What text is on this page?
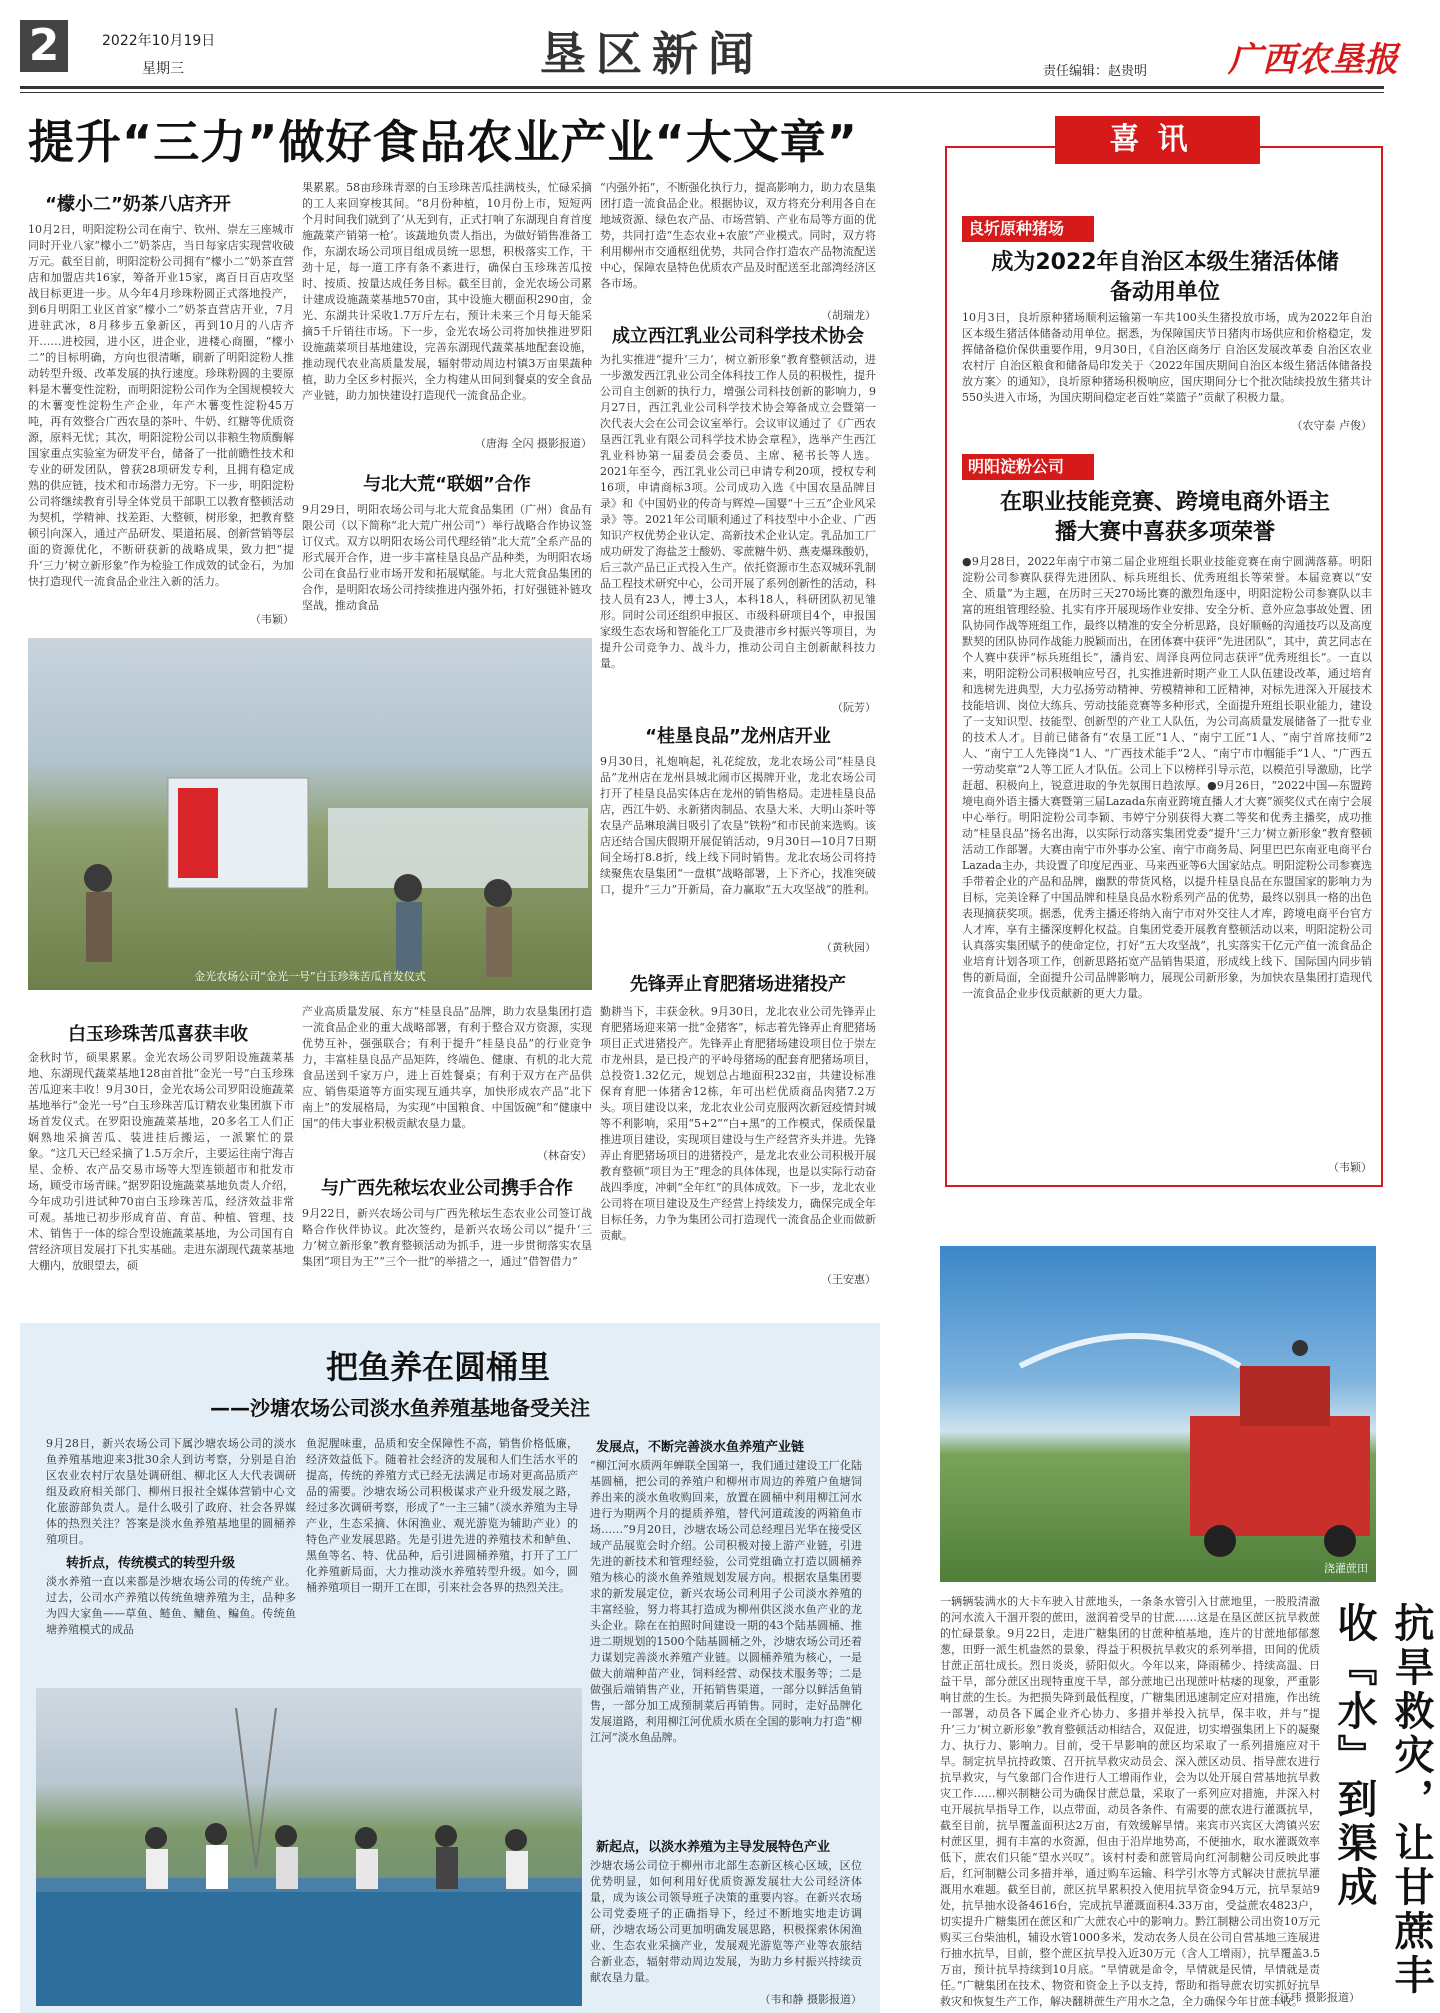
2	2022年10月19日
星期三	垦区新闻	责任编辑：赵贵明 广西农垦报
提升“三力”做好食品农业产业“大文章”
“檬小二”奶茶八店齐开
10月2日，明阳淀粉公司在南宁、钦州、崇左三座城市同时开业八家“檬小二”奶茶店，当日每家店实现营收破万元。截至目前，明阳淀粉公司拥有“檬小二”奶茶直营店和加盟店共16家，筹备开业15家，离百日百店攻坚战目标更进一步。从今年4月珍珠粉圆正式落地投产，到6月明阳工业区首家“檬小二”奶茶直营店开业，7月进驻武冰，8月移步五象新区，再到10月的八店齐开……进校园，进小区，进企业，进楼心商圈，“檬小二”的目标明确，方向也很清晰，刷新了明阳淀粉人推动转型升级、改革发展的执行速度。珍珠粉圆的主要原料是木薯变性淀粉，而明阳淀粉公司作为全国规模较大的木薯变性淀粉生产企业，年产木薯变性淀粉45万吨，再有效整合广西农垦的茶叶、牛奶、红糖等优质资源，原料无忧；其次，明阳淀粉公司以非粮生物质酶解国家重点实验室为研发平台，储备了一批前瞻性技术和专业的研发团队，曾获28项研发专利，且拥有稳定成熟的供应链，技术和市场潜力无穷。下一步，明阳淀粉公司将继续教育引导全体党员干部职工以教育整顿活动为契机，学精神、找差距、大整顿，树形象，把教育整顿引向深入，通过产品研发、渠道拓展、创新营销等层面的资源优化，不断研获新的战略成果，致力把“提升‘三力’树立新形象”作为检验工作成效的试金石，为加快打造现代一流食品企业注入新的活力。
（韦颖）
果累累。58亩珍珠青翠的白玉珍珠苦瓜挂满枝头，忙碌采摘的工人来回穿梭其间。“8月份种植，10月份上市，短短两个月时间我们就到了‘从无到有，正式打响了东湖现自育首度施蔬菜产销第一枪’。该蔬地负责人指出，为做好销售准备工作，东湖农场公司项目组成员统一思想，积极落实工作，干劲十足，每一道工序有条不紊进行，确保白玉珍珠苦瓜按时、按质、按量达成任务目标。截至目前，金光农场公司累计建成设施蔬菜基地570亩，其中设施大棚面积290亩，金光、东湖共计采收1.7万斤左右，预计未来三个月每天能采摘5千斤销往市场。下一步，金光农场公司将加快推进罗阳设施蔬菜项目基地建设，完善东湖现代蔬菜基地配套设施，推动现代农业高质量发展，辐射带动周边村镇3万亩果蔬种植，助力全区乡村振兴，全力构建从田间到餐桌的安全食品产业链，助力加快建设打造现代一流食品企业。
（唐海 全闪 摄影报道）
与北大荒“联姻”合作
9月29日，明阳农场公司与北大荒食品集团（广州）食品有限公司（以下简称“北大荒广州公司”）举行战略合作协议签订仪式。双方以明阳农场公司代理经销“北大荒”全系产品的形式展开合作，进一步丰富桂垦良品产品种类，为明阳农场公司在食品行业市场开发和拓展赋能。与北大荒食品集团的合作，是明阳农场公司持续推进内强外拓，打好强链补链攻坚战，推动食品
“内强外拓”，不断强化执行力，提高影响力，助力农垦集团打造一流食品企业。根据协议，双方将充分利用各自在地域资源、绿色农产品、市场营销、产业布局等方面的优势，共同打造“生态农业+农旅”产业模式。同时，双方将利用柳州市交通枢纽优势，共同合作打造农产品物流配送中心，保障农垦特色优质农产品及时配送至北部湾经济区各市场。
（胡瑞龙）
成立西江乳业公司科学技术协会
为扎实推进“提升‘三力’，树立新形象”教育整顿活动，进一步激发西江乳业公司全体科技工作人员的积极性，提升公司自主创新的执行力，增强公司科技创新的影响力，9月27日，西江乳业公司科学技术协会筹备成立会暨第一次代表大会在公司会议室举行。会议审议通过了《广西农垦西江乳业有限公司科学技术协会章程》，选举产生西江乳业科协第一届委员会委员、主席、秘书长等人选。2021年至今，西江乳业公司已申请专利20项，授权专利16项，申请商标3项。公司成功入选《中国农垦品牌目录》和《中国奶业的传奇与辉煌—国婴“十三五”企业风采录》等。2021年公司顺利通过了科技型中小企业、广西知识产权优势企业认定、高新技术企业认定。乳品加工厂成功研发了海盐芝士酸奶、零蔗糖牛奶、燕麦爆珠酸奶，后三款产品已正式投入生产。依托资源市生态双城环乳制品工程技术研究中心，公司开展了系列创新性的活动，科技人员有23人，博士3人，本科18人，科研团队初见雏形。同时公司还组织申报区、市级科研项目4个，申报国家级生态农场和智能化工厂及贵港市乡村振兴等项目，为提升公司竞争力、战斗力，推动公司自主创新献科技力量。
（阮芳）
“桂垦良品”龙州店开业
9月30日，礼炮响起，礼花绽放，龙北农场公司“桂垦良品”龙州店在龙州县城北闹市区揭牌开业，龙北农场公司打开了桂垦良品实体店在龙州的销售格局。走进桂垦良品店，西江牛奶、永新猪肉制品、农垦大米、大明山茶叶等农垦产品琳琅满目吸引了农垦“铁粉”和市民前来选购。该店还结合国庆假期开展促销活动，9月30日—10月7日期间全场打8.8折，线上线下同时销售。龙北农场公司将持续聚焦农垦集团“一盘棋”战略部署，上下齐心，找准突破口，提升“三力”开新局，奋力赢取“五大攻坚战”的胜利。
（黄秋园）
先锋弄止育肥猪场进猪投产
勤耕当下，丰获金秋。9月30日，龙北农业公司先锋弄止育肥猪场迎来第一批“金猪客”，标志着先锋弄止育肥猪场项目正式进猪投产。先锋弄止育肥猪场建设项目位于崇左市龙州县，是已投产的平岭母猪场的配套育肥猪场项目，总投资1.32亿元，规划总占地面积232亩，共建设标准保育育肥一体猪舍12栋，年可出栏优质商品肉猪7.2万头。项目建设以来，龙北农业公司克服两次新冠疫情封城等不利影响，采用“5+2”“白+黑”的工作模式，保质保量推进项目建设，实现项目建设与生产经营齐头并进。先锋弄止育肥猪场项目的进猪投产，是龙北农业公司积极开展教育整顿“项目为王”理念的具体体现，也是以实际行动奋战四季度，冲刺“全年红”的具体成效。下一步，龙北农业公司将在项目建设及生产经营上持续发力，确保完成全年目标任务，力争为集团公司打造现代一流食品企业而做新贡献。
（王安惠）
金光农场公司“金光一号”白玉珍珠苦瓜首发仪式
白玉珍珠苦瓜喜获丰收
金秋时节，硕果累累。金光农场公司罗阳设施蔬菜基地、东湖现代蔬菜基地128亩首批“金光一号”白玉珍珠苦瓜迎来丰收！9月30日，金光农场公司罗阳设施蔬菜基地举行“金光一号”白玉珍珠苦瓜订精农业集团旗下市场首发仪式。在罗阳设施蔬菜基地，20多名工人们正娴熟地采摘苦瓜、装进挂后搬运，一派繁忙的景象。“这几天已经采摘了1.5万余斤，主要运往南宁海吉星、金桥、农产品交易市场等大型连锁超市和批发市场，顾受市场青睐。”据罗阳设施蔬菜基地负责人介绍，今年成功引进试种70亩白玉珍珠苦瓜，经济效益非常可观。基地已初步形成育苗、育苗、种植、管理、技术、销售于一体的综合型设施蔬菜基地，为公司国有自营经济项目发展打下扎实基础。走进东湖现代蔬菜基地大棚内，放眼望去，硕
产业高质量发展、东方“桂垦良品”品牌，助力农垦集团打造一流食品企业的重大战略部署，有利于整合双方资源，实现优势互补，强强联合；有利于提升“桂垦良品”的行业竞争力，丰富桂垦良品产品矩阵，终端色、健康、有机的北大荒食品送到千家万户，进上百姓餐桌；有利于双方在产品供应、销售渠道等方面实现互通共享，加快形成农产品“北下南上”的发展格局，为实现“中国粮食、中国饭碗”和“健康中国”的伟大事业积极贡献农垦力量。
（林奋安）
与广西先秾坛农业公司携手合作
9月22日，新兴农场公司与广西先秾坛生态农业公司签订战略合作伙伴协议。此次签约，是新兴农场公司以“提升‘三力’树立新形象”教育整顿活动为抓手，进一步贯彻落实农垦集团“项目为王”“三个一批”的举措之一，通过“借智借力”
喜讯
良圻原种猪场
成为2022年自治区本级生猪活体储备动用单位
10月3日，良圻原种猪场顺利运输第一车共100头生猪投放市场，成为2022年自治区本级生猪活体储备动用单位。据悉，为保障国庆节日猪肉市场供应和价格稳定，发挥储备稳价保供重要作用，9月30日，《自治区商务厅 自治区发展改革委 自治区农业农村厅 自治区粮食和储备局印发关于〈2022年国庆期间自治区本级生猪活体储备投放方案〉的通知》，良圻原种猪场积极响应，国庆期间分七个批次陆续投放生猪共计550头进入市场，为国庆期间稳定老百姓“菜篮子”贡献了积极力量。
（农守泰 卢俊）
明阳淀粉公司
在职业技能竞赛、跨境电商外语主播大赛中喜获多项荣誉
●9月28日，2022年南宁市第二届企业班组长职业技能竞赛在南宁圆满落幕。明阳淀粉公司参赛队获得先进团队、标兵班组长、优秀班组长等荣誉。本届竞赛以“安全、质量”为主题，在历时三天270场比赛的激烈角逐中，明阳淀粉公司参赛队以丰富的班组管理经验、扎实有序开展现场作业安排、安全分析、意外应急事故处置、团队协同作战等班组工作，最终以精准的安全分析思路，良好顺畅的沟通技巧以及高度默契的团队协同作战能力脱颖而出，在团体赛中获评“先进团队”，其中，黄艺同志在个人赛中获评“标兵班组长”，潘肖宏、周泽良两位同志获评“优秀班组长”。一直以来，明阳淀粉公司积极响应号召，扎实推进新时期产业工人队伍建设改革，通过培育和选树先进典型，大力弘扬劳动精神、劳模精神和工匠精神，对标先进深入开展技术技能培训、岗位大练兵、劳动技能竞赛等多种形式，全面提升班组长职业能力，建设了一支知识型、技能型、创新型的产业工人队伍，为公司高质量发展储备了一批专业的技术人才。目前已储备有“农垦工匠”1人、“南宁工匠”1人、“南宁首席技师”2人、“南宁工人先锋岗”1人、“广西技术能手”2人、“南宁市巾帼能手”1人、“广西五一劳动奖章”2人等工匠人才队伍。公司上下以榜样引导示范，以模范引导激励，比学赶超、积极向上，锐意进取的争先氛围日趋浓厚。●9月26日，“2022中国—东盟跨境电商外语主播大赛暨第三届Lazada东南亚跨境直播人才大赛”颁奖仪式在南宁会展中心举行。明阳淀粉公司李颖、韦婷宁分别获得大赛二等奖和优秀主播奖，成功推动“桂垦良品”扬名出海，以实际行动落实集团党委“提升‘三力’树立新形象”教育整顿活动工作部署。大赛由南宁市外事办公室、南宁市商务局、阿里巴巴东南亚电商平台Lazada主办，共设置了印度尼西亚、马来西亚等6大国家站点。明阳淀粉公司参赛选手带着企业的产品和品牌，幽默的带货风格，以提升桂垦良品在东盟国家的影响力为目标，完美诠释了中国品牌和桂垦良品水粉系列产品的优势，最终以别具一格的出色表现摘获奖项。据悉，优秀主播还将纳入南宁市对外交往人才库，跨境电商平台官方人才库，享有主播深度孵化权益。自集团党委开展教育整顿活动以来，明阳淀粉公司认真落实集团赋予的使命定位，打好“五大攻坚战”，扎实落实干亿元产值一流食品企业培育计划各项工作，创新思路拓宽产品销售渠道，形成线上线下、国际国内同步销售的新局面，全面提升公司品牌影响力，展现公司新形象，为加快农垦集团打造现代一流食品企业步伐贡献新的更大力量。
（韦颖）
把鱼养在圆桶里
——沙塘农场公司淡水鱼养殖基地备受关注
9月28日，新兴农场公司下属沙塘农场公司的淡水鱼养殖基地迎来3批30余人到访考察，分别是自治区农业农村厅农垦处调研组、柳北区人大代表调研组及政府相关部门、柳州日报社全媒体营销中心文化旅游部负责人。是什么吸引了政府、社会各界媒体的热烈关注？答案是淡水鱼养殖基地里的圆桶养殖项目。
转折点，传统模式的转型升级
淡水养殖一直以来都是沙塘农场公司的传统产业。过去，公司水产养殖以传统鱼塘养殖为主，品种多为四大家鱼——草鱼、鲢鱼、鳙鱼、鳊鱼。传统鱼塘养殖模式的成品
鱼泥腥味重，品质和安全保障性不高，销售价格低廉，经济效益低下。随着社会经济的发展和人们生活水平的提高，传统的养殖方式已经无法满足市场对更高品质产品的需要。沙塘农场公司积极谋求产业升级发展之路，经过多次调研考察，形成了“一主三辅”（淡水养殖为主导产业，生态采摘、休闲渔业、观光游览为辅助产业）的特色产业发展思路。先是引进先进的养殖技术和鲈鱼、黑鱼等名、特、优品种，后引进圆桶养殖，打开了工厂化养殖新局面，大力推动淡水养殖转型升级。如今，圆桶养殖项目一期开工在即，引来社会各界的热烈关注。
发展点，不断完善淡水鱼养殖产业链
“柳江河水质两年蝉联全国第一，我们通过建设工厂化陆基圆桶，把公司的养殖户和柳州市周边的养殖户鱼塘饲养出来的淡水鱼收购回来，放置在圆桶中利用柳江河水进行为期两个月的提质养殖，替代河道疏浚的两箱鱼市场……”9月20日，沙塘农场公司总经理吕光华在接受区域产品展览会时介绍。公司积极对接上游产业链，引进先进的新技术和管理经验，公司党组确立打造以圆桶养殖为核心的淡水鱼养殖规划发展方向。根据农垦集团要求的新发展定位，新兴农场公司利用子公司淡水养殖的丰富经验，努力将其打造成为柳州供区淡水鱼产业的龙头企业。除在在拍照时间建设一期的43个陆基圆桶、推进二期规划的1500个陆基圆桶之外，沙塘农场公司还着力谋划完善淡水养殖产业链。以圆桶养殖为核心，一是做大前端种苗产业，饲料经营、动保技术服务等；二是做强后端销售产业，开拓销售渠道，一部分以鲜活鱼销售，一部分加工成预制菜后再销售。同时，走好品牌化发展道路，利用柳江河优质水质在全国的影响力打造“柳江河”淡水鱼品牌。
新起点，以淡水养殖为主导发展特色产业
沙塘农场公司位于柳州市北部生态新区核心区域，区位优势明显，如何利用好优质资源发展壮大公司经济体量，成为该公司领导班子决策的重要内容。在新兴农场公司党委班子的正确指导下，经过不断地实地走访调研，沙塘农场公司更加明确发展思路，积极探索休闲渔业、生态农业采摘产业，发展观光游览等产业等农旅结合新业态，辐射带动周边发展，为助力乡村振兴持续贡献农垦力量。
（韦和静 摄影报道）
浇灌蔗田
一辆辆装满水的大卡车驶入甘蔗地头，一条条水管引入甘蔗地里，一股股清澈的河水流入干涸开裂的蔗田，滋润着受旱的甘蔗……这是在垦区蔗区抗旱救蔗的忙碌景象。9月22日，走进广糖集团的甘蔗种植基地，连片的甘蔗地郁郁葱葱，田野一派生机盎然的景象，得益于积极抗旱救灾的系列举措，田间的优质甘蔗正茁壮成长。烈日炎炎，骄阳似火。今年以来，降雨稀少、持续高温、日益干旱，部分蔗区出现特重度干旱，部分蔗地已出现蔗叶枯痿的现象，严重影响甘蔗的生长。为把损失降到最低程度，广糖集团迅速制定应对措施，作出统一部署，动员各下属企业齐心协力、多措并举投入抗旱，保丰收，并与“提升‘三力’树立新形象”教育整顿活动相结合，双促进，切实增强集团上下的凝聚力、执行力、影响力。目前，受干旱影响的蔗区均采取了一系列措施应对干旱。制定抗旱抗持政策、召开抗旱救灾动员会、深入蔗区动员、指导蔗农进行抗旱救灾，与气象部门合作进行人工增雨作业，会为以处开展自营基地抗旱救灾工作……柳兴制糖公司为确保甘蔗总量，采取了一系列应对措施，并深入村屯开展抗旱指导工作，以点带面，动员各条件、有需要的蔗农进行灌溉抗旱，截至目前，抗旱覆盖面积达2万亩，有效缓解旱情。来宾市兴宾区大湾镇兴宏村蔗区里，拥有丰富的水资源，但由于沿岸地势高，不便抽水，取水灌溉效率低下，蔗农们只能“望水兴叹”。该村村委和蔗管局向红河制糖公司反映此事后，红河制糖公司多措并举，通过购车运输、科学引水等方式解决甘蔗抗旱灌溉用水难题。截至目前，蔗区抗旱累积投入使用抗旱资金94万元，抗旱泵站9处，抗旱抽水设备4616台，完成抗旱灌溉面积4.33万亩，受益蔗农4823户，切实提升广糖集团在蔗区和广大蔗农心中的影响力。黔江制糖公司出资10万元购买三台柴油机，辅设水管1000多米，发动农务人员在公司自营基地三连展进行抽水抗旱，目前，整个蔗区抗旱投入近30万元（含人工增雨），抗旱覆盖3.5万亩，预计抗旱持续到10月底。“旱情就是命令，旱情就是民情，旱情就是责任。”广糖集团在技术、物资和资金上予以支持，帮助和指导蔗农切实抓好抗旱救灾和恢复生产工作，解决翻耕蔗生产用水之急，全力确保今年甘蔗丰收。
（江玮 摄影报道） 抗旱救灾，让甘蔗丰收『水』到渠成
